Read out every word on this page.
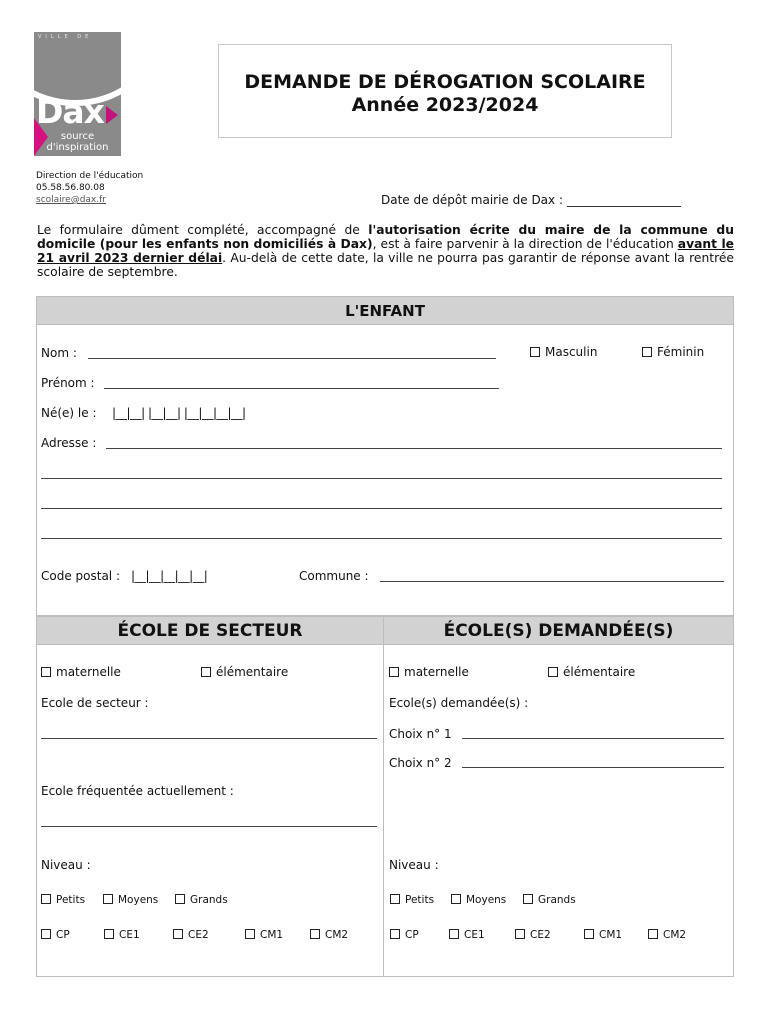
VILLE DE
Dax
source
d'inspiration
DEMANDE DE DÉROGATION SCOLAIRE
Année 2023/2024
Direction de l'éducation
05.58.56.80.08
scolaire@dax.fr	Date de dépôt mairie de Dax : ___________________
Le formulaire dûment complété, accompagné de l'autorisation écrite du maire de la commune du domicile (pour les enfants non domiciliés à Dax), est à faire parvenir à la direction de l'éducation avant le 21 avril 2023 dernier délai. Au-delà de cette date, la ville ne pourra pas garantir de réponse avant la rentrée scolaire de septembre.
L'ENFANT
Nom :	Masculin	Féminin
Prénom :
Né(e) le : |__|__| |__|__| |__|__|__|__|
Adresse :
Code postal : |__|__|__|__|__|	Commune :
ÉCOLE DE SECTEUR	ÉCOLE(S) DEMANDÉE(S)
maternelle	élémentaire
Ecole de secteur :
Ecole fréquentée actuellement :
Niveau :
Petits	Moyens	Grands
CP	CE1	CE2	CM1	CM2
maternelle	élémentaire
Ecole(s) demandée(s) :
Choix n° 1
Choix n° 2
Niveau :
Petits	Moyens	Grands
CP	CE1	CE2	CM1	CM2
